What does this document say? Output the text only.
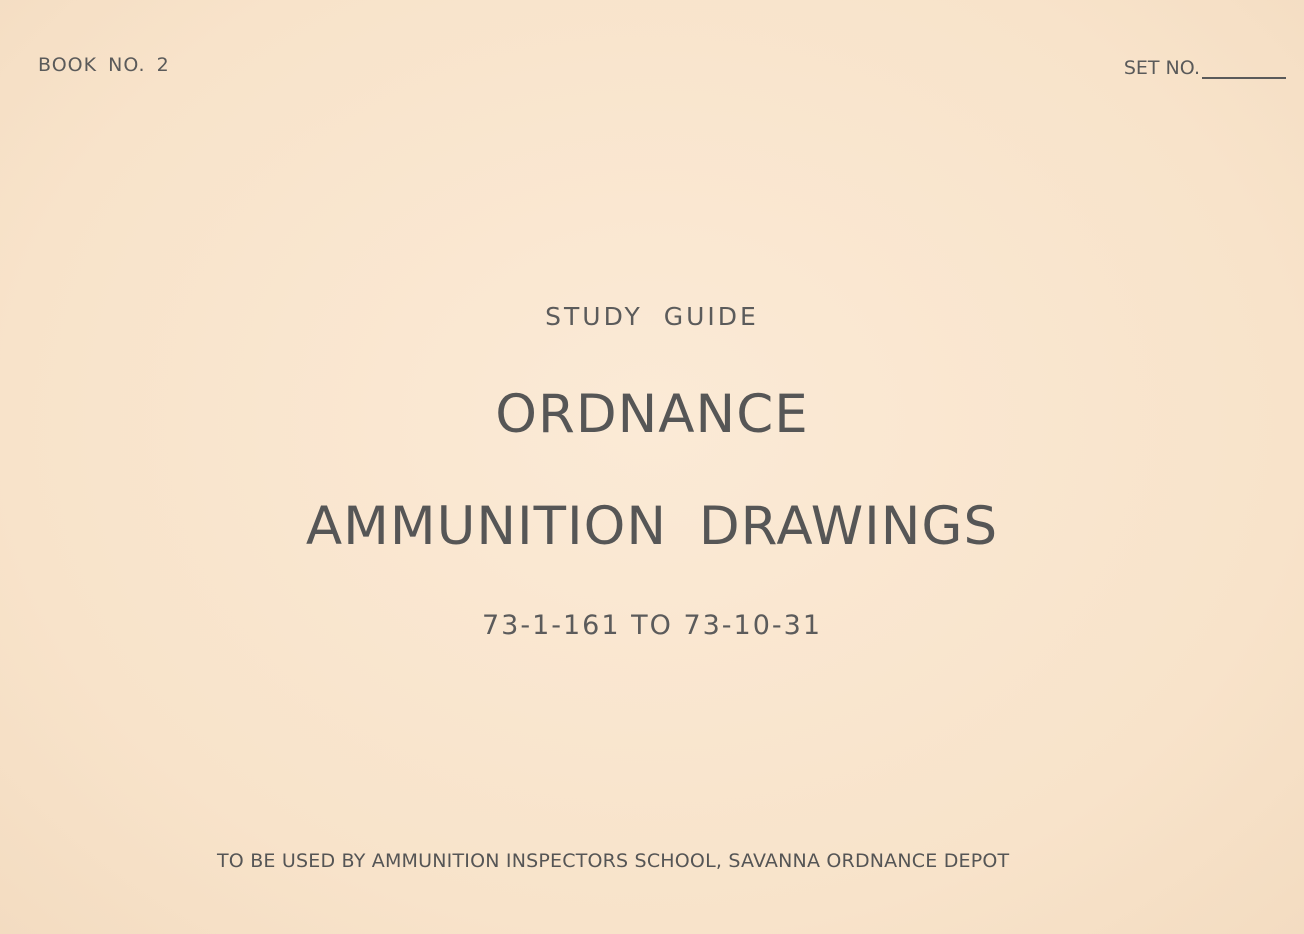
BOOK NO. 2	SET NO.
STUDY GUIDE
ORDNANCE
AMMUNITION DRAWINGS
73-1-161 TO 73-10-31
TO BE USED BY AMMUNITION INSPECTORS SCHOOL, SAVANNA ORDNANCE DEPOT
